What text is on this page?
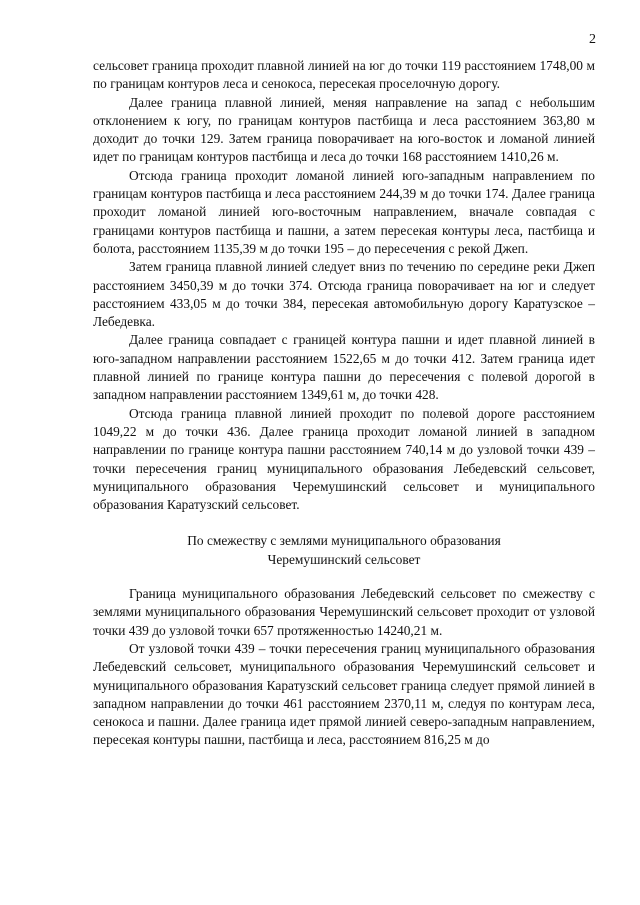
2

сельсовет граница проходит плавной линией на юг до точки 119 расстоянием 1748,00 м по границам контуров леса и сенокоса, пересекая проселочную дорогу.

Далее граница плавной линией, меняя направление на запад с небольшим отклонением к югу, по границам контуров пастбища и леса расстоянием 363,80 м доходит до точки 129. Затем граница поворачивает на юго-восток и ломаной линией идет по границам контуров пастбища и леса до точки 168 расстоянием 1410,26 м.

Отсюда граница проходит ломаной линией юго-западным направлением по границам контуров пастбища и леса расстоянием 244,39 м до точки 174. Далее граница проходит ломаной линией юго-восточным направлением, вначале совпадая с границами контуров пастбища и пашни, а затем пересекая контуры леса, пастбища и болота, расстоянием 1135,39 м до точки 195 – до пересечения с рекой Джеп.

Затем граница плавной линией следует вниз по течению по середине реки Джеп расстоянием 3450,39 м до точки 374. Отсюда граница поворачивает на юг и следует расстоянием 433,05 м до точки 384, пересекая автомобильную дорогу Каратузское – Лебедевка.

Далее граница совпадает с границей контура пашни и идет плавной линией в юго-западном направлении расстоянием 1522,65 м до точки 412. Затем граница идет плавной линией по границе контура пашни до пересечения с полевой дорогой в западном направлении расстоянием 1349,61 м, до точки 428.

Отсюда граница плавной линией проходит по полевой дороге расстоянием 1049,22 м до точки 436. Далее граница проходит ломаной линией в западном направлении по границе контура пашни расстоянием 740,14 м до узловой точки 439 – точки пересечения границ муниципального образования Лебедевский сельсовет, муниципального образования Черемушинский сельсовет и муниципального образования Каратузский сельсовет.

По смежеству с землями муниципального образования
Черемушинский сельсовет

Граница муниципального образования Лебедевский сельсовет по смежеству с землями муниципального образования Черемушинский сельсовет проходит от узловой точки 439 до узловой точки 657 протяженностью 14240,21 м.

От узловой точки 439 – точки пересечения границ муниципального образования Лебедевский сельсовет, муниципального образования Черемушинский сельсовет и муниципального образования Каратузский сельсовет граница следует прямой линией в западном направлении до точки 461 расстоянием 2370,11 м, следуя по контурам леса, сенокоса и пашни. Далее граница идет прямой линией северо-западным направлением, пересекая контуры пашни, пастбища и леса, расстоянием 816,25 м до
